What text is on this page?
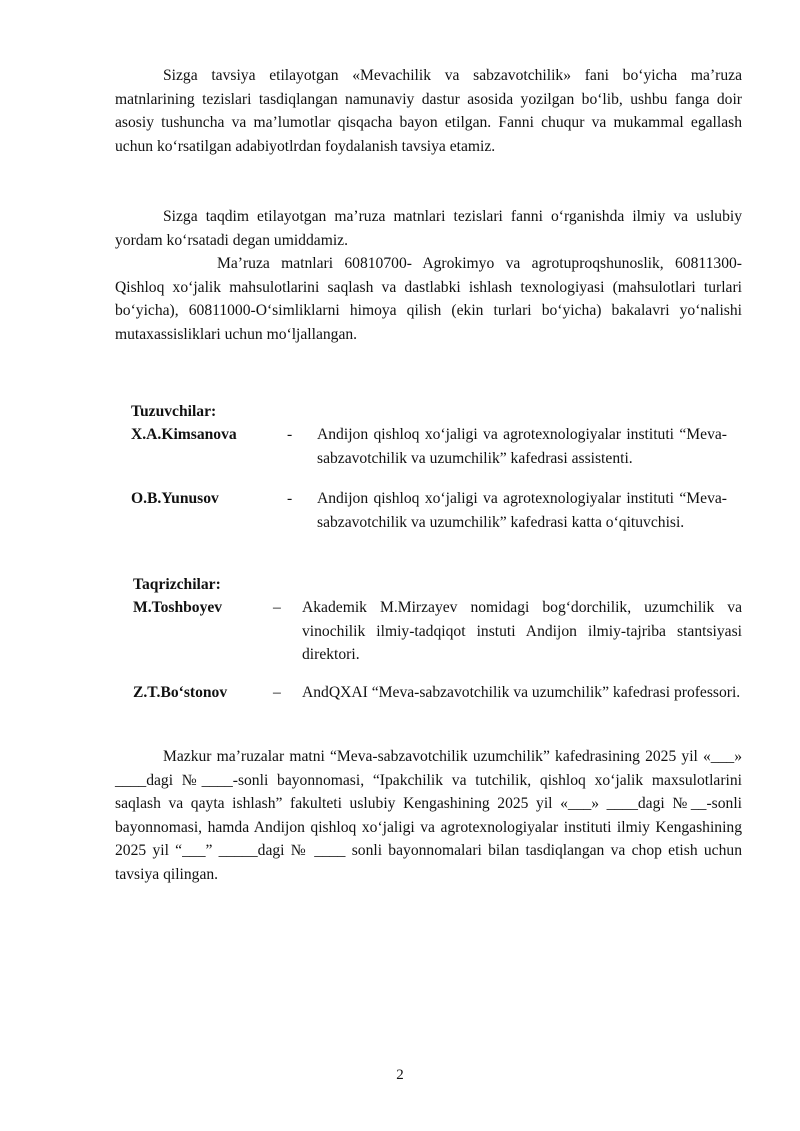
Sizga tavsiya etilayotgan «Mevachilik va sabzavotchilik» fani bo‘yicha ma’ruza matnlarining tezislari tasdiqlangan namunaviy dastur asosida yozilgan bo‘lib, ushbu fanga doir asosiy tushuncha va ma’lumotlar qisqacha bayon etilgan. Fanni chuqur va mukammal egallash uchun ko‘rsatilgan adabiyotlrdan foydalanish tavsiya etamiz.

Sizga taqdim etilayotgan ma’ruza matnlari tezislari fanni o‘rganishda ilmiy va uslubiy yordam ko‘rsatadi degan umiddamiz.

Ma’ruza matnlari 60810700- Agrokimyo va agrotuproqshunoslik, 60811300-Qishloq xo‘jalik mahsulotlarini saqlash va dastlabki ishlash texnologiyasi (mahsulotlari turlari bo‘yicha), 60811000-O‘simliklarni himoya qilish (ekin turlari bo‘yicha) bakalavri yo‘nalishi mutaxassisliklari uchun mo‘ljallangan.

Tuzuvchilar:

X.A.Kimsanova	- Andijon qishloq xo‘jaligi va agrotexnologiyalar instituti “Meva-sabzavotchilik va uzumchilik” kafedrasi assistenti.
O.B.Yunusov	- Andijon qishloq xo‘jaligi va agrotexnologiyalar instituti “Meva-sabzavotchilik va uzumchilik” kafedrasi katta o‘qituvchisi.

Taqrizchilar:

M.Toshboyev	– Akademik M.Mirzayev nomidagi bog‘dorchilik, uzumchilik va vinochilik ilmiy-tadqiqot instuti Andijon ilmiy-tajriba stantsiyasi direktori.
Z.T.Bo‘stonov	– AndQXAI “Meva-sabzavotchilik va uzumchilik” kafedrasi professori.

Mazkur ma’ruzalar matni “Meva-sabzavotchilik uzumchilik” kafedrasining 2025 yil «___» ____dagi №____-sonli bayonnomasi, “Ipakchilik va tutchilik, qishloq xo‘jalik maxsulotlarini saqlash va qayta ishlash” fakulteti uslubiy Kengashining 2025 yil «___» ____dagi №__-sonli bayonnomasi, hamda Andijon qishloq xo‘jaligi va agrotexnologiyalar instituti ilmiy Kengashining 2025 yil “___” _____dagi № ____ sonli bayonnomalari bilan tasdiqlangan va chop etish uchun tavsiya qilingan.

2
